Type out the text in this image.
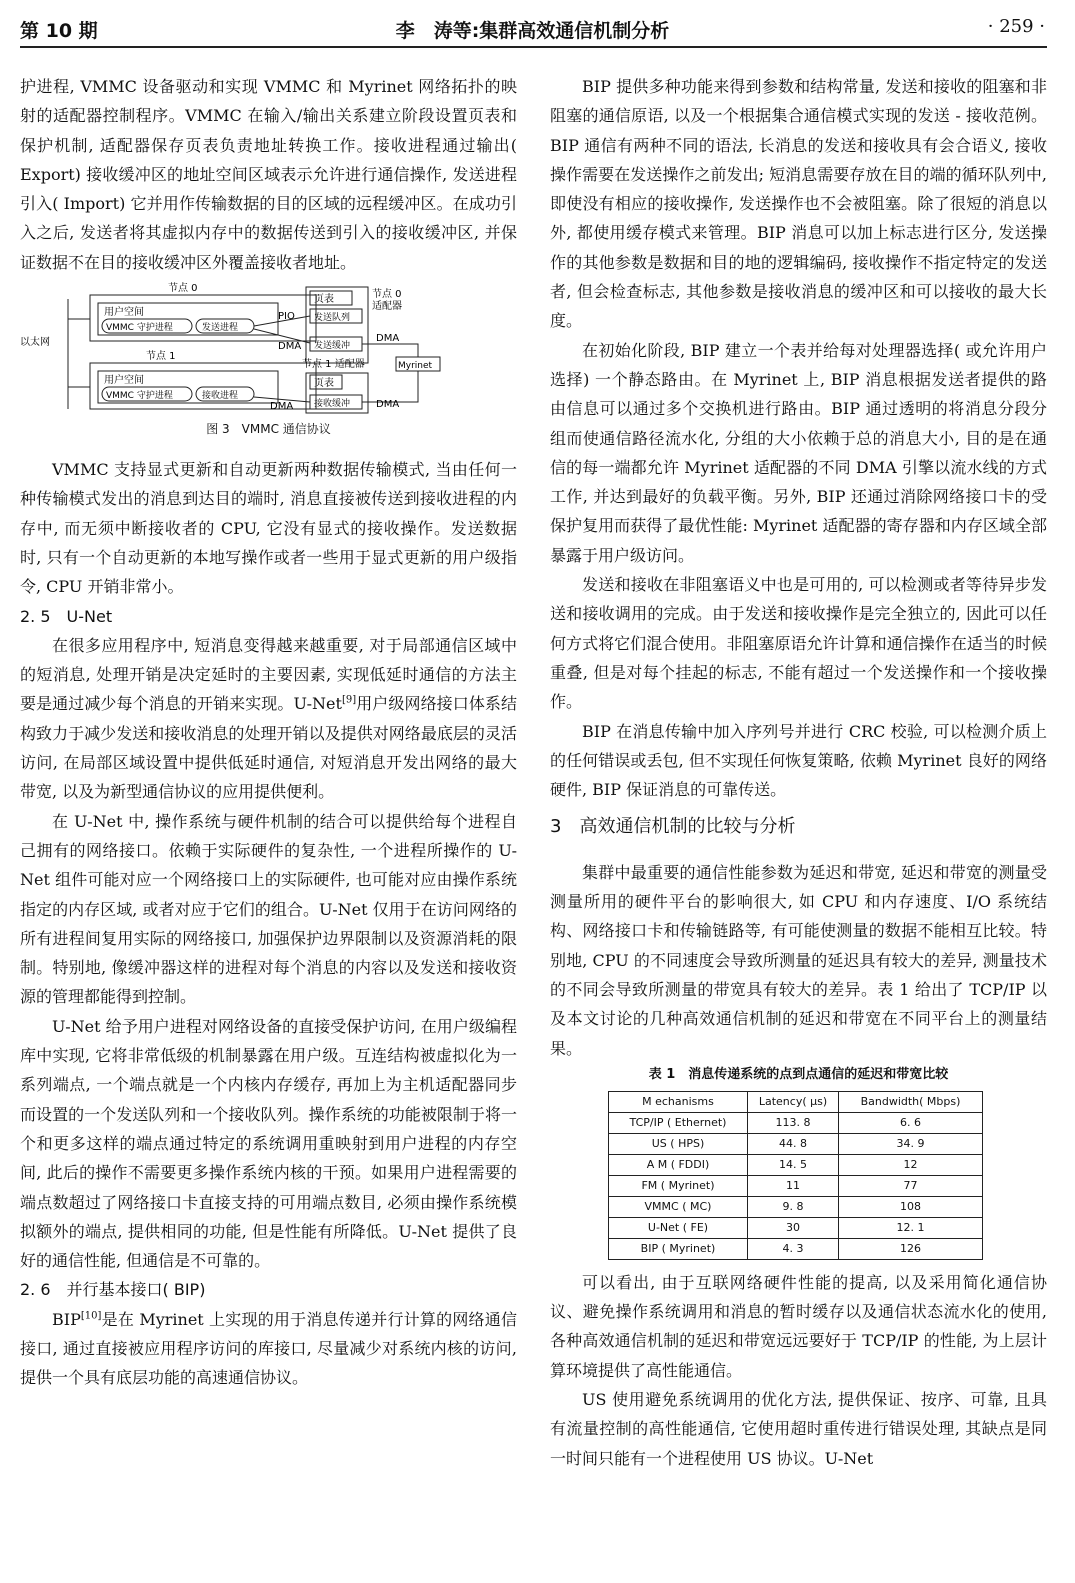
第 10 期	李　涛等:集群高效通信机制分析	· 259 ·

护进程, VMMC 设备驱动和实现 VMMC 和 Myrinet 网络拓扑的映射的适配器控制程序。VMMC 在输入/输出关系建立阶段设置页表和保护机制, 适配器保存页表负责地址转换工作。接收进程通过输出( Export) 接收缓冲区的地址空间区域表示允许进行通信操作, 发送进程引入( Import) 它并用作传输数据的目的区域的远程缓冲区。在成功引入之后, 发送者将其虚拟内存中的数据传送到引入的接收缓冲区, 并保证数据不在目的接收缓冲区外覆盖接收者地址。

节点 0
用户空间
VMMC 守护进程	发送进程
PIO
DMA
页表
发送队列
发送缓冲
节点 0
适配器
DMA
以太网
节点 1
节点 1 适配器	Myrinet
用户空间
VMMC 守护进程	接收进程
页表
接收缓冲
DMA	DMA
图 3　VMMC 通信协议

VMMC 支持显式更新和自动更新两种数据传输模式, 当由任何一种传输模式发出的消息到达目的端时, 消息直接被传送到接收进程的内存中, 而无须中断接收者的 CPU, 它没有显式的接收操作。发送数据时, 只有一个自动更新的本地写操作或者一些用于显式更新的用户级指令, CPU 开销非常小。

2. 5　U-Net

在很多应用程序中, 短消息变得越来越重要, 对于局部通信区域中的短消息, 处理开销是决定延时的主要因素, 实现低延时通信的方法主要是通过减少每个消息的开销来实现。U-Net[9]用户级网络接口体系结构致力于减少发送和接收消息的处理开销以及提供对网络最底层的灵活访问, 在局部区域设置中提供低延时通信, 对短消息开发出网络的最大带宽, 以及为新型通信协议的应用提供便利。

在 U-Net 中, 操作系统与硬件机制的结合可以提供给每个进程自己拥有的网络接口。依赖于实际硬件的复杂性, 一个进程所操作的 U-Net 组件可能对应一个网络接口上的实际硬件, 也可能对应由操作系统指定的内存区域, 或者对应于它们的组合。U-Net 仅用于在访问网络的所有进程间复用实际的网络接口, 加强保护边界限制以及资源消耗的限制。特别地, 像缓冲器这样的进程对每个消息的内容以及发送和接收资源的管理都能得到控制。

U-Net 给予用户进程对网络设备的直接受保护访问, 在用户级编程库中实现, 它将非常低级的机制暴露在用户级。互连结构被虚拟化为一系列端点, 一个端点就是一个内核内存缓存, 再加上为主机适配器同步而设置的一个发送队列和一个接收队列。操作系统的功能被限制于将一个和更多这样的端点通过特定的系统调用重映射到用户进程的内存空间, 此后的操作不需要更多操作系统内核的干预。如果用户进程需要的端点数超过了网络接口卡直接支持的可用端点数目, 必须由操作系统模拟额外的端点, 提供相同的功能, 但是性能有所降低。U-Net 提供了良好的通信性能, 但通信是不可靠的。

2. 6　并行基本接口( BIP)

BIP[10]是在 Myrinet 上实现的用于消息传递并行计算的网络通信接口, 通过直接被应用程序访问的库接口, 尽量减少对系统内核的访问, 提供一个具有底层功能的高速通信协议。

BIP 提供多种功能来得到参数和结构常量, 发送和接收的阻塞和非阻塞的通信原语, 以及一个根据集合通信模式实现的发送 - 接收范例。BIP 通信有两种不同的语法, 长消息的发送和接收具有会合语义, 接收操作需要在发送操作之前发出; 短消息需要存放在目的端的循环队列中, 即使没有相应的接收操作, 发送操作也不会被阻塞。除了很短的消息以外, 都使用缓存模式来管理。BIP 消息可以加上标志进行区分, 发送操作的其他参数是数据和目的地的逻辑编码, 接收操作不指定特定的发送者, 但会检查标志, 其他参数是接收消息的缓冲区和可以接收的最大长度。

在初始化阶段, BIP 建立一个表并给每对处理器选择( 或允许用户选择) 一个静态路由。在 Myrinet 上, BIP 消息根据发送者提供的路由信息可以通过多个交换机进行路由。BIP 通过透明的将消息分段分组而使通信路径流水化, 分组的大小依赖于总的消息大小, 目的是在通信的每一端都允许 Myrinet 适配器的不同 DMA 引擎以流水线的方式工作, 并达到最好的负载平衡。另外, BIP 还通过消除网络接口卡的受保护复用而获得了最优性能: Myrinet 适配器的寄存器和内存区域全部暴露于用户级访问。

发送和接收在非阻塞语义中也是可用的, 可以检测或者等待异步发送和接收调用的完成。由于发送和接收操作是完全独立的, 因此可以任何方式将它们混合使用。非阻塞原语允许计算和通信操作在适当的时候重叠, 但是对每个挂起的标志, 不能有超过一个发送操作和一个接收操作。

BIP 在消息传输中加入序列号并进行 CRC 校验, 可以检测介质上的任何错误或丢包, 但不实现任何恢复策略, 依赖 Myrinet 良好的网络硬件, BIP 保证消息的可靠传送。

3　高效通信机制的比较与分析

集群中最重要的通信性能参数为延迟和带宽, 延迟和带宽的测量受测量所用的硬件平台的影响很大, 如 CPU 和内存速度、I/O 系统结构、网络接口卡和传输链路等, 有可能使测量的数据不能相互比较。特别地, CPU 的不同速度会导致所测量的延迟具有较大的差异, 测量技术的不同会导致所测量的带宽具有较大的差异。表 1 给出了 TCP/IP 以及本文讨论的几种高效通信机制的延迟和带宽在不同平台上的测量结果。

表 1　消息传递系统的点到点通信的延迟和带宽比较
M echanisms	Latency( μs)	Bandwidth( Mbps)
TCP/IP ( Ethernet)	113. 8	6. 6
US ( HPS)	44. 8	34. 9
A M ( FDDI)	14. 5	12
FM ( Myrinet)	11	77
VMMC ( MC)	9. 8	108
U-Net ( FE)	30	12. 1
BIP ( Myrinet)	4. 3	126

可以看出, 由于互联网络硬件性能的提高, 以及采用简化通信协议、避免操作系统调用和消息的暂时缓存以及通信状态流水化的使用, 各种高效通信机制的延迟和带宽远远要好于 TCP/IP 的性能, 为上层计算环境提供了高性能通信。

US 使用避免系统调用的优化方法, 提供保证、按序、可靠, 且具有流量控制的高性能通信, 它使用超时重传进行错误处理, 其缺点是同一时间只能有一个进程使用 US 协议。U-Net
